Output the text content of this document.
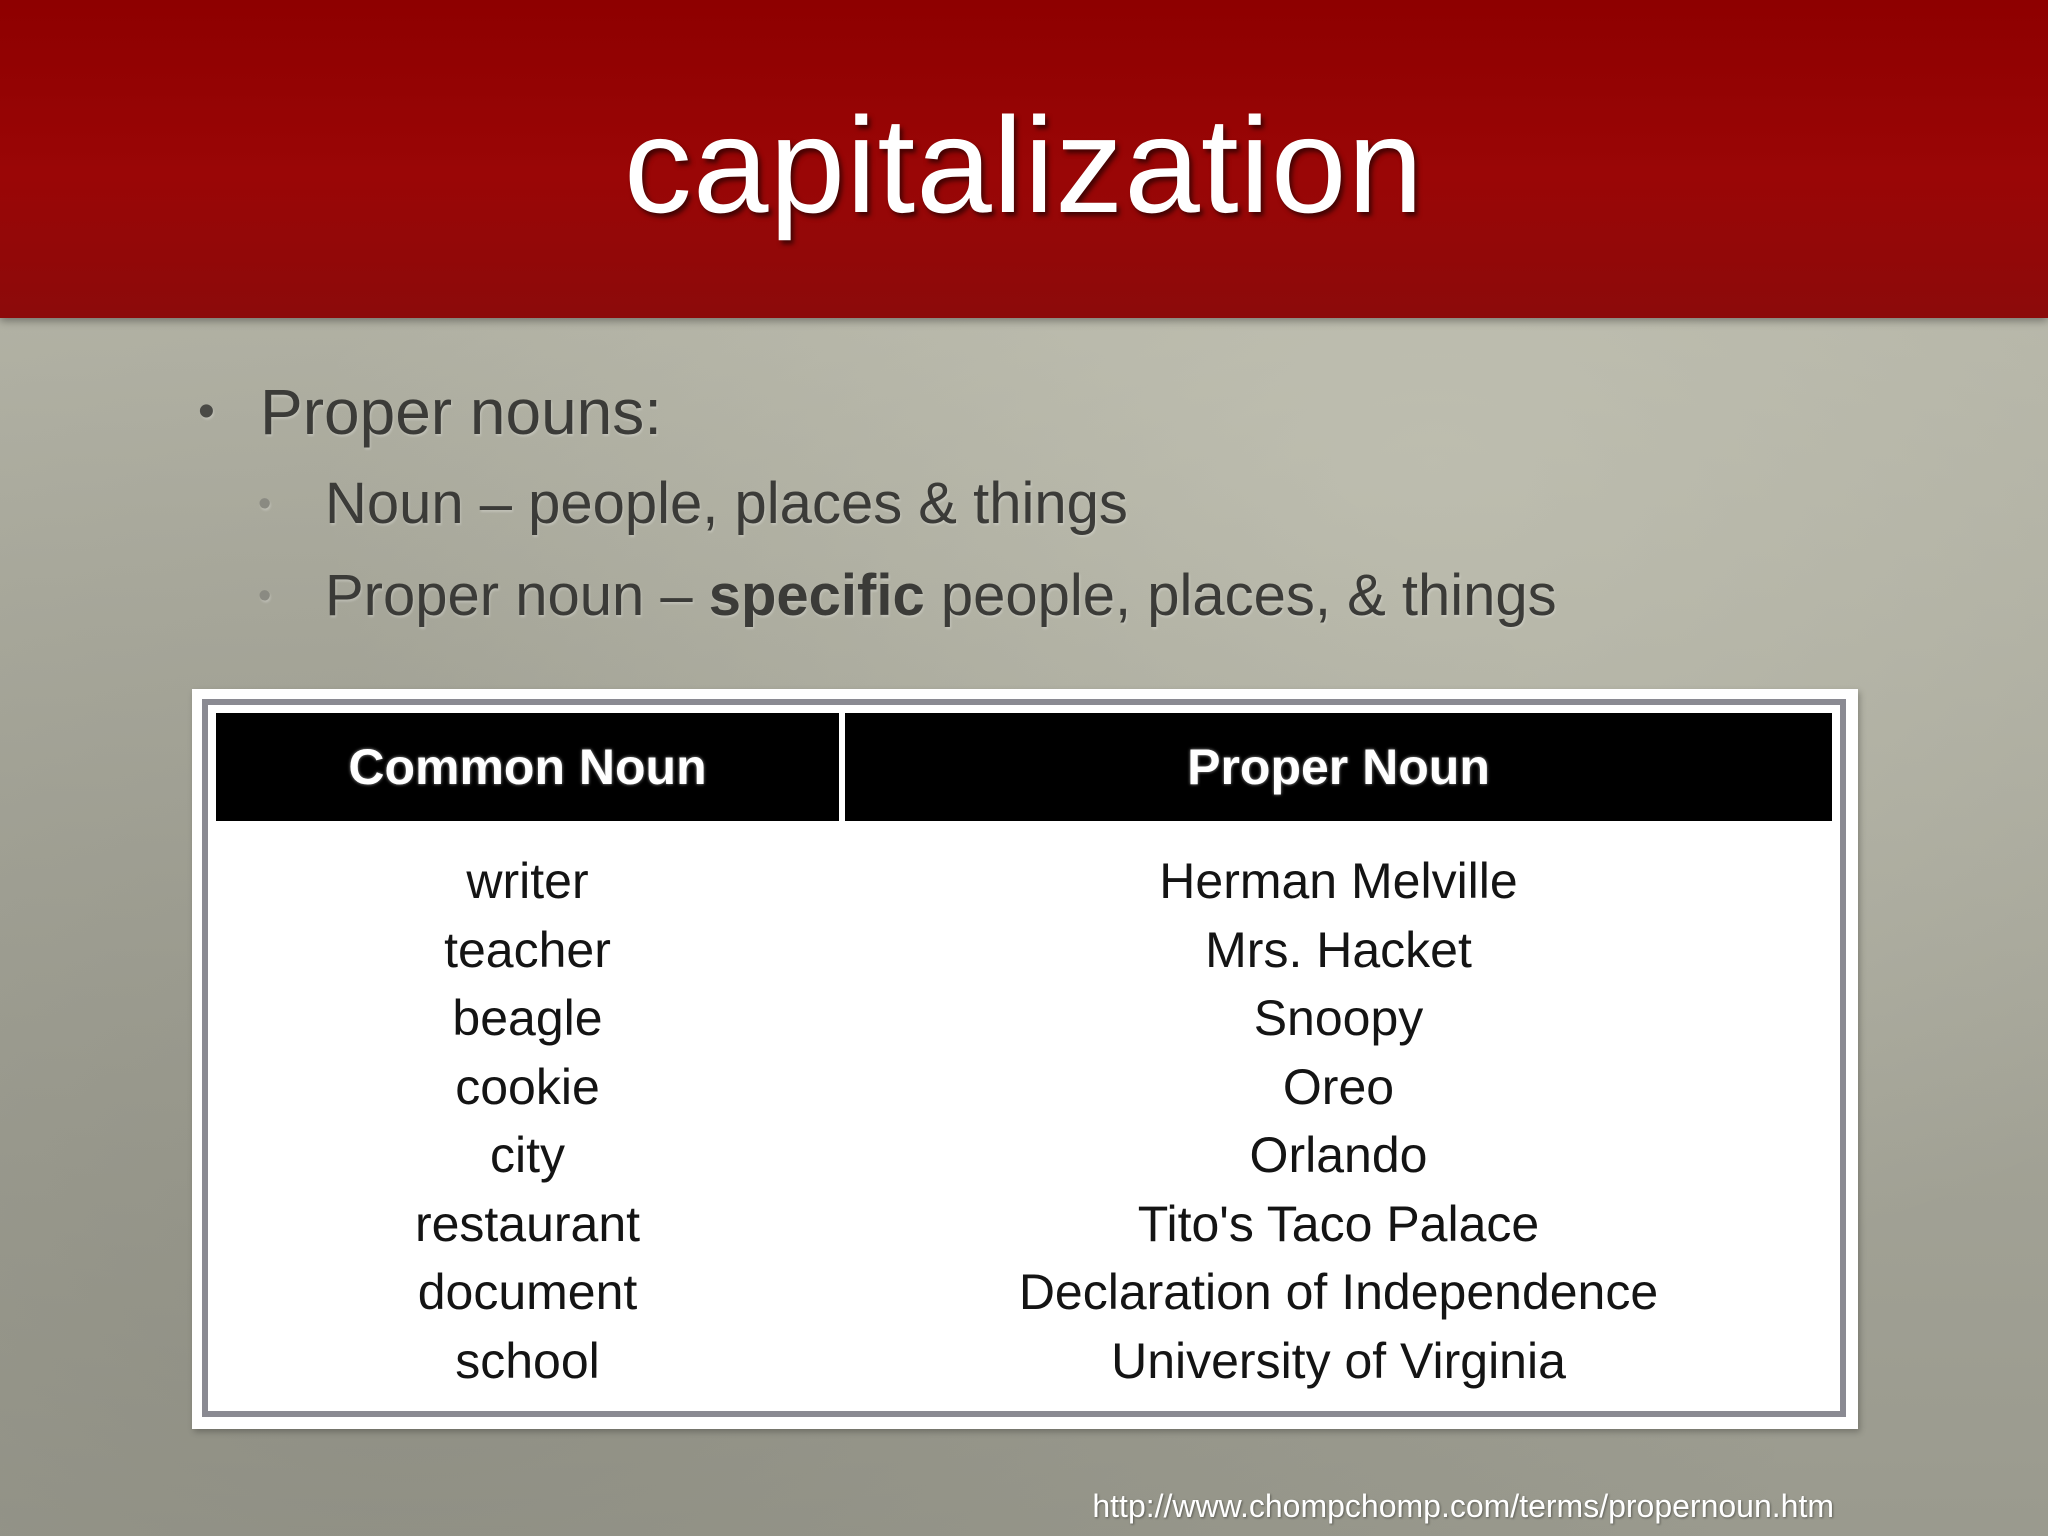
capitalization
• Proper nouns:
• Noun – people, places & things
• Proper noun – specific people, places, & things
Common Noun	Proper Noun
writer
teacher
beagle
cookie
city
restaurant
document
school
Herman Melville
Mrs. Hacket
Snoopy
Oreo
Orlando
Tito's Taco Palace
Declaration of Independence
University of Virginia
http://www.chompchomp.com/terms/propernoun.htm
